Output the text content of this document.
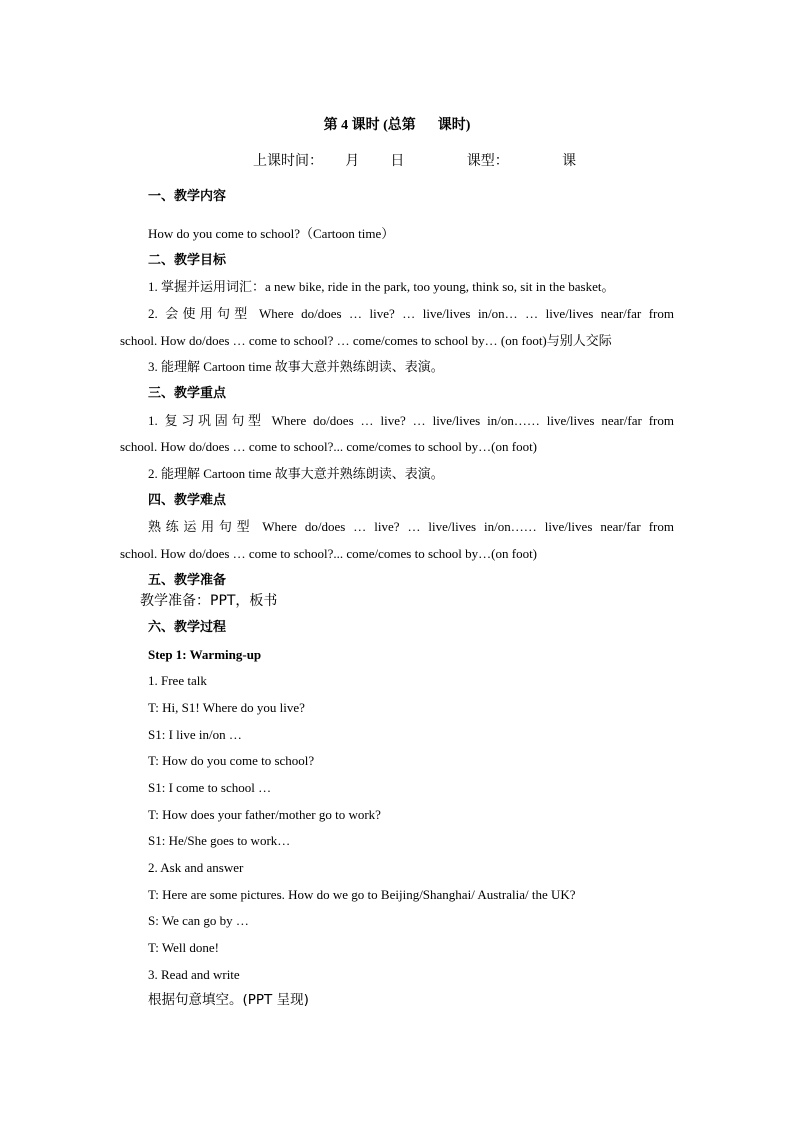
第 4 课时 (总第 课时)
上课时间：     月       日              课型：            课
一、教学内容
How do you come to school?（Cartoon time）
二、教学目标
1. 掌握并运用词汇：a new bike, ride in the park, too young, think so, sit in the basket。
2. 会使用句型 Where do/does … live? … live/lives in/on… … live/lives near/far from
school. How do/does … come to school? … come/comes to school by… (on foot)与别人交际
3. 能理解 Cartoon time 故事大意并熟练朗读、表演。
三、教学重点
1. 复习巩固句型 Where do/does … live? … live/lives in/on…… live/lives near/far from
school. How do/does … come to school?... come/comes to school by…(on foot)
2. 能理解 Cartoon time 故事大意并熟练朗读、表演。
四、教学难点
熟练运用句型 Where do/does … live? … live/lives in/on…… live/lives near/far from
school. How do/does … come to school?... come/comes to school by…(on foot)
五、教学准备
教学准备：PPT，板书
六、教学过程
Step 1: Warming-up
1. Free talk
T: Hi, S1! Where do you live?
S1: I live in/on …
T: How do you come to school?
S1: I come to school …
T: How does your father/mother go to work?
S1: He/She goes to work…
2. Ask and answer
T: Here are some pictures. How do we go to Beijing/Shanghai/ Australia/ the UK?
S: We can go by …
T: Well done!
3. Read and write
根据句意填空。(PPT 呈现)
